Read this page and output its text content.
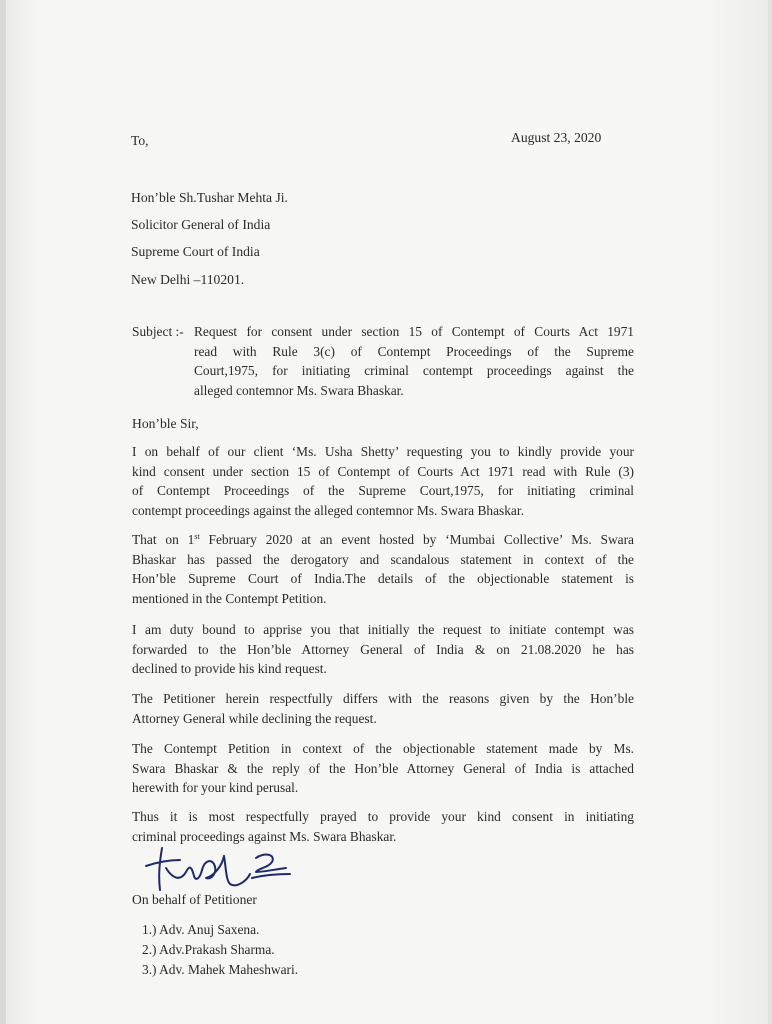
To,	August 23, 2020
Hon’ble Sh.Tushar Mehta Ji.
Solicitor General of India
Supreme Court of India
New Delhi –110201.
Subject :- Request for consent under section 15 of Contempt of Courts Act 1971
read with Rule 3(c) of Contempt Proceedings of the Supreme
Court,1975, for initiating criminal contempt proceedings against the
alleged contemnor Ms. Swara Bhaskar.
Hon’ble Sir,
I on behalf of our client ‘Ms. Usha Shetty’ requesting you to kindly provide your
kind consent under section 15 of Contempt of Courts Act 1971 read with Rule (3)
of Contempt Proceedings of the Supreme Court,1975, for initiating criminal
contempt proceedings against the alleged contemnor Ms. Swara Bhaskar.
That on 1st February 2020 at an event hosted by ‘Mumbai Collective’ Ms. Swara
Bhaskar has passed the derogatory and scandalous statement in context of the
Hon’ble Supreme Court of India.The details of the objectionable statement is
mentioned in the Contempt Petition.
I am duty bound to apprise you that initially the request to initiate contempt was
forwarded to the Hon’ble Attorney General of India & on 21.08.2020 he has
declined to provide his kind request.
The Petitioner herein respectfully differs with the reasons given by the Hon’ble
Attorney General while declining the request.
The Contempt Petition in context of the objectionable statement made by Ms.
Swara Bhaskar & the reply of the Hon’ble Attorney General of India is attached
herewith for your kind perusal.
Thus it is most respectfully prayed to provide your kind consent in initiating
criminal proceedings against Ms. Swara Bhaskar.
On behalf of Petitioner
1.) Adv. Anuj Saxena.
2.) Adv.Prakash Sharma.
3.) Adv. Mahek Maheshwari.
